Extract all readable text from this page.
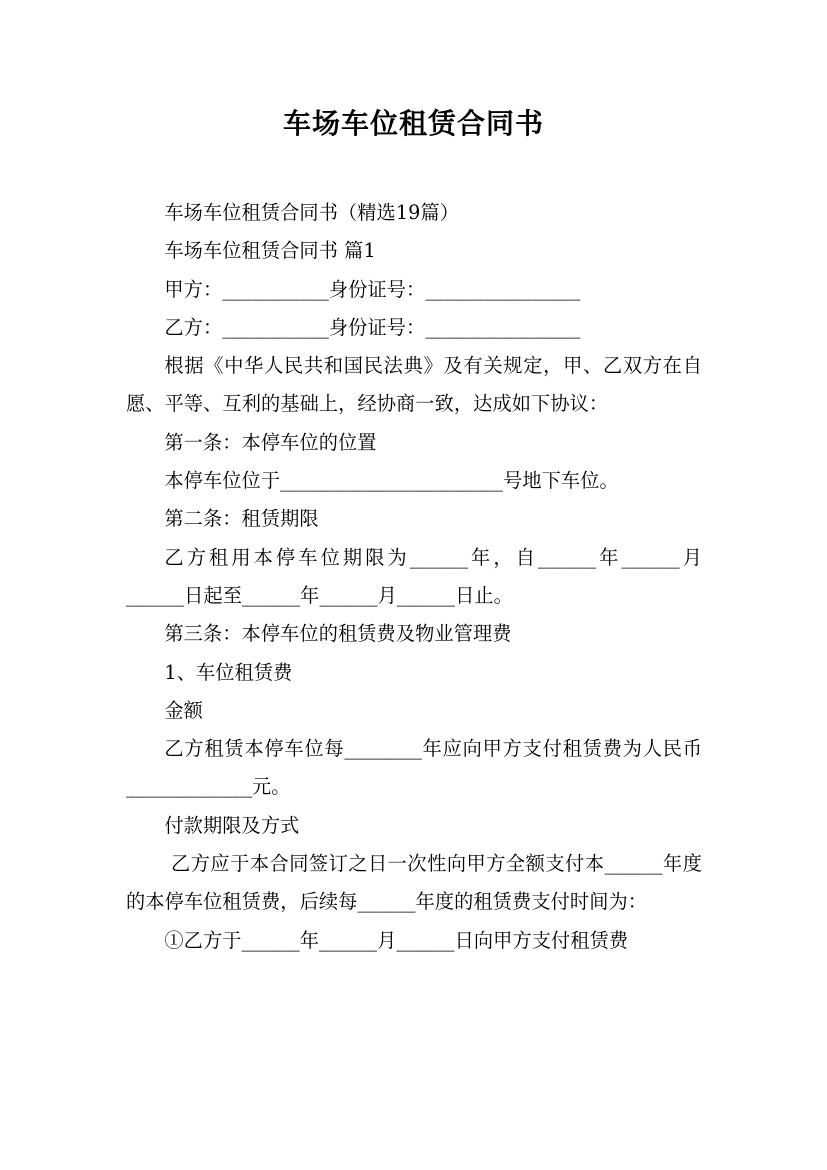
车场车位租赁合同书

车场车位租赁合同书（精选19篇）

车场车位租赁合同书 篇1

甲方：___________身份证号：________________

乙方：___________身份证号：________________

根据《中华人民共和国民法典》及有关规定，甲、乙双方在自愿、平等、互利的基础上，经协商一致，达成如下协议：

第一条：本停车位的位置

本停车位位于_______________________号地下车位。

第二条：租赁期限

乙方租用本停车位期限为______年，自______年______月______日起至______年______月______日止。

第三条：本停车位的租赁费及物业管理费

1、车位租赁费

金额

乙方租赁本停车位每________年应向甲方支付租赁费为人民币_____________元。

付款期限及方式

乙方应于本合同签订之日一次性向甲方全额支付本______年度的本停车位租赁费，后续每______年度的租赁费支付时间为：

①乙方于______年______月______日向甲方支付租赁费
